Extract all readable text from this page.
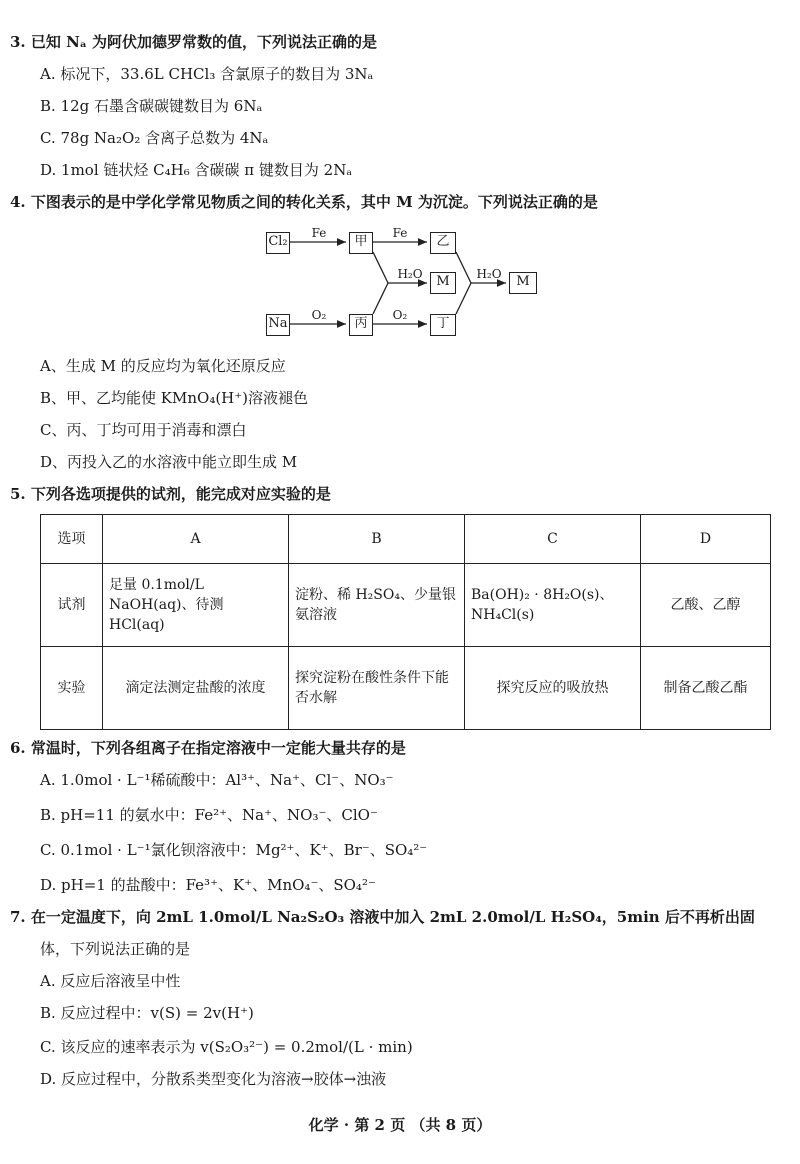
3. 已知 Nₐ 为阿伏加德罗常数的值，下列说法正确的是
A. 标况下，33.6L CHCl₃ 含氯原子的数目为 3Nₐ
B. 12g 石墨含碳碳键数目为 6Nₐ
C. 78g Na₂O₂ 含离子总数为 4Nₐ
D. 1mol 链状烃 C₄H₆ 含碳碳 π 键数目为 2Nₐ
4. 下图表示的是中学化学常见物质之间的转化关系，其中 M 为沉淀。下列说法正确的是
Cl₂	甲	乙
M	M
Na	丙	丁
Fe	Fe
H₂O	H₂O
O₂	O₂
A、生成 M 的反应均为氧化还原反应
B、甲、乙均能使 KMnO₄(H⁺)溶液褪色
C、丙、丁均可用于消毒和漂白
D、丙投入乙的水溶液中能立即生成 M
5. 下列各选项提供的试剂，能完成对应实验的是
选项	A	B	C	D
试剂	足量 0.1mol/L NaOH(aq)、待测 HCl(aq)	淀粉、稀 H₂SO₄、少量银氨溶液	Ba(OH)₂ · 8H₂O(s)、NH₄Cl(s)	乙酸、乙醇
实验	滴定法测定盐酸的浓度	探究淀粉在酸性条件下能否水解	探究反应的吸放热	制备乙酸乙酯
6. 常温时，下列各组离子在指定溶液中一定能大量共存的是
A. 1.0mol · L⁻¹稀硫酸中：Al³⁺、Na⁺、Cl⁻、NO₃⁻
B. pH=11 的氨水中：Fe²⁺、Na⁺、NO₃⁻、ClO⁻
C. 0.1mol · L⁻¹氯化钡溶液中：Mg²⁺、K⁺、Br⁻、SO₄²⁻
D. pH=1 的盐酸中：Fe³⁺、K⁺、MnO₄⁻、SO₄²⁻
7. 在一定温度下，向 2mL 1.0mol/L Na₂S₂O₃ 溶液中加入 2mL 2.0mol/L H₂SO₄，5min 后不再析出固
体，下列说法正确的是
A. 反应后溶液呈中性
B. 反应过程中：v(S) = 2v(H⁺)
C. 该反应的速率表示为 v(S₂O₃²⁻) = 0.2mol/(L · min)
D. 反应过程中，分散系类型变化为溶液→胶体→浊液
化学 · 第 2 页 （共 8 页）
